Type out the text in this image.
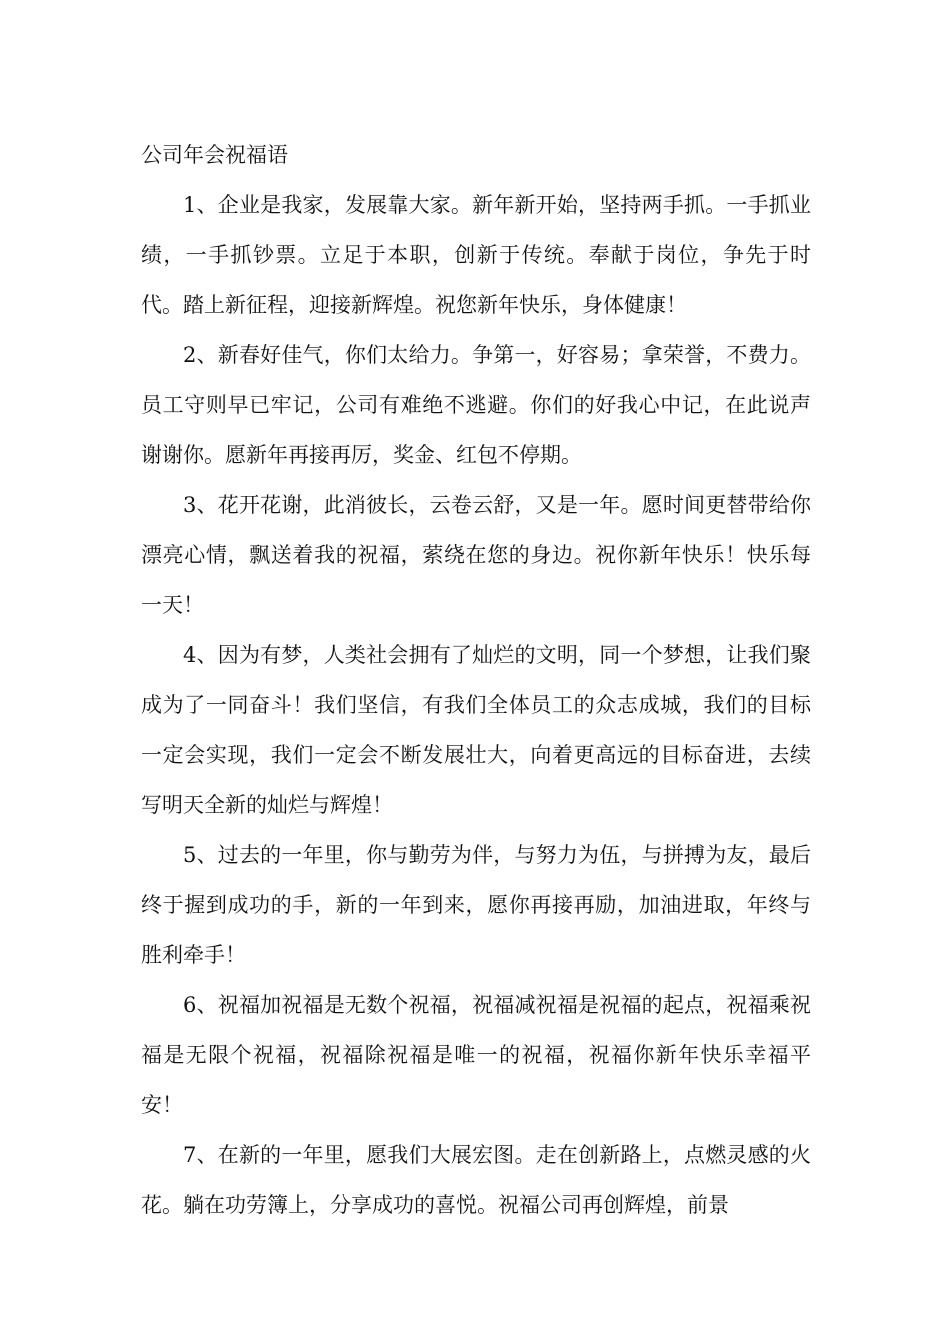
公司年会祝福语

1、企业是我家，发展靠大家。新年新开始，坚持两手抓。一手抓业绩，一手抓钞票。立足于本职，创新于传统。奉献于岗位，争先于时代。踏上新征程，迎接新辉煌。祝您新年快乐，身体健康！

2、新春好佳气，你们太给力。争第一，好容易；拿荣誉，不费力。员工守则早已牢记，公司有难绝不逃避。你们的好我心中记，在此说声谢谢你。愿新年再接再厉，奖金、红包不停期。

3、花开花谢，此消彼长，云卷云舒，又是一年。愿时间更替带给你漂亮心情，飘送着我的祝福，萦绕在您的身边。祝你新年快乐！快乐每一天！

4、因为有梦，人类社会拥有了灿烂的文明，同一个梦想，让我们聚成为了一同奋斗！我们坚信，有我们全体员工的众志成城，我们的目标一定会实现，我们一定会不断发展壮大，向着更高远的目标奋进，去续写明天全新的灿烂与辉煌！

5、过去的一年里，你与勤劳为伴，与努力为伍，与拼搏为友，最后终于握到成功的手，新的一年到来，愿你再接再励，加油进取，年终与胜利牵手！

6、祝福加祝福是无数个祝福，祝福减祝福是祝福的起点，祝福乘祝福是无限个祝福，祝福除祝福是唯一的祝福，祝福你新年快乐幸福平安！

7、在新的一年里，愿我们大展宏图。走在创新路上，点燃灵感的火花。躺在功劳簿上，分享成功的喜悦。祝福公司再创辉煌，前景
